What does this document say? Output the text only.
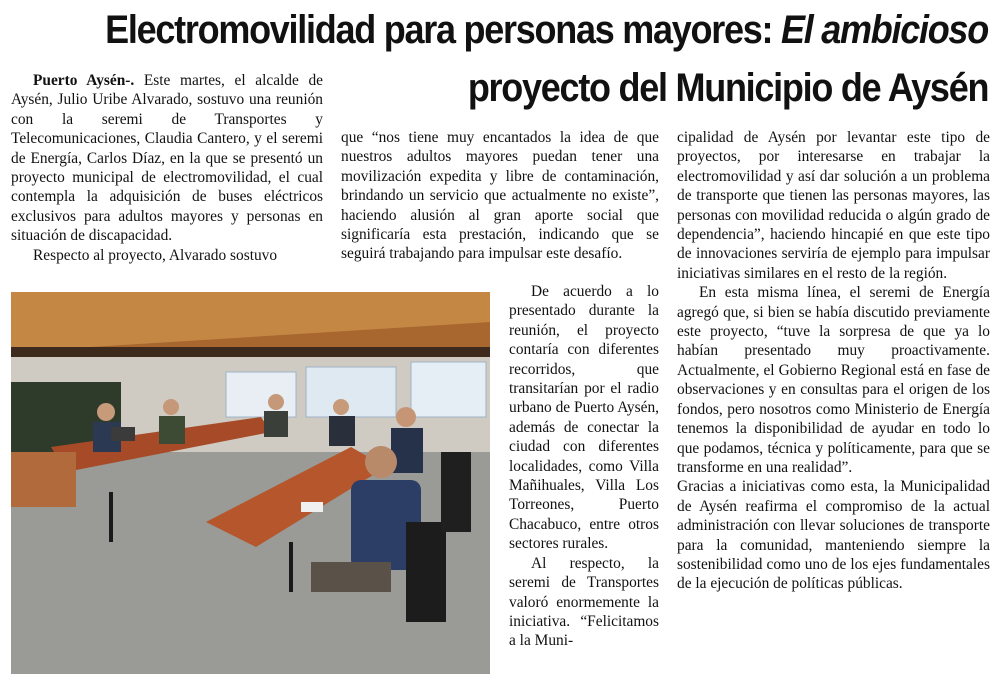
Electromovilidad para personas mayores: El ambicioso
proyecto del Municipio de Aysén

Puerto Aysén-. Este martes, el alcalde de Aysén, Julio Uribe Alvarado, sostuvo una reunión con la seremi de Transportes y Telecomunicaciones, Claudia Cantero, y el seremi de Energía, Carlos Díaz, en la que se presentó un proyecto municipal de electromovilidad, el cual contempla la adquisición de buses eléctricos exclusivos para adultos mayores y personas en situación de discapacidad.

Respecto al proyecto, Alvarado sostuvo

que “nos tiene muy encantados la idea de que nuestros adultos mayores puedan tener una movilización expedita y libre de contaminación, brindando un servicio que actualmente no existe”, haciendo alusión al gran aporte social que significaría esta prestación, indicando que se seguirá trabajando para impulsar este desafío.

De acuerdo a lo presentado durante la reunión, el proyecto contaría con diferentes recorridos, que transitarían por el radio urbano de Puerto Aysén, además de conectar la ciudad con diferentes localidades, como Villa Mañihuales, Villa Los Torreones, Puerto Chacabuco, entre otros sectores rurales.

Al respecto, la seremi de Transportes valoró enormemente la iniciativa. “Felicitamos a la Muni-

cipalidad de Aysén por levantar este tipo de proyectos, por interesarse en trabajar la electromovilidad y así dar solución a un problema de transporte que tienen las personas mayores, las personas con movilidad reducida o algún grado de dependencia”, haciendo hincapié en que este tipo de innovaciones serviría de ejemplo para impulsar iniciativas similares en el resto de la región.

En esta misma línea, el seremi de Energía agregó que, si bien se había discutido previamente este proyecto, “tuve la sorpresa de que ya lo habían presentado muy proactivamente. Actualmente, el Gobierno Regional está en fase de observaciones y en consultas para el origen de los fondos, pero nosotros como Ministerio de Energía tenemos la disponibilidad de ayudar en todo lo que podamos, técnica y políticamente, para que se transforme en una realidad”.

Gracias a iniciativas como esta, la Municipalidad de Aysén reafirma el compromiso de la actual administración con llevar soluciones de transporte para la comunidad, manteniendo siempre la sostenibilidad como uno de los ejes fundamentales de la ejecución de políticas públicas.
